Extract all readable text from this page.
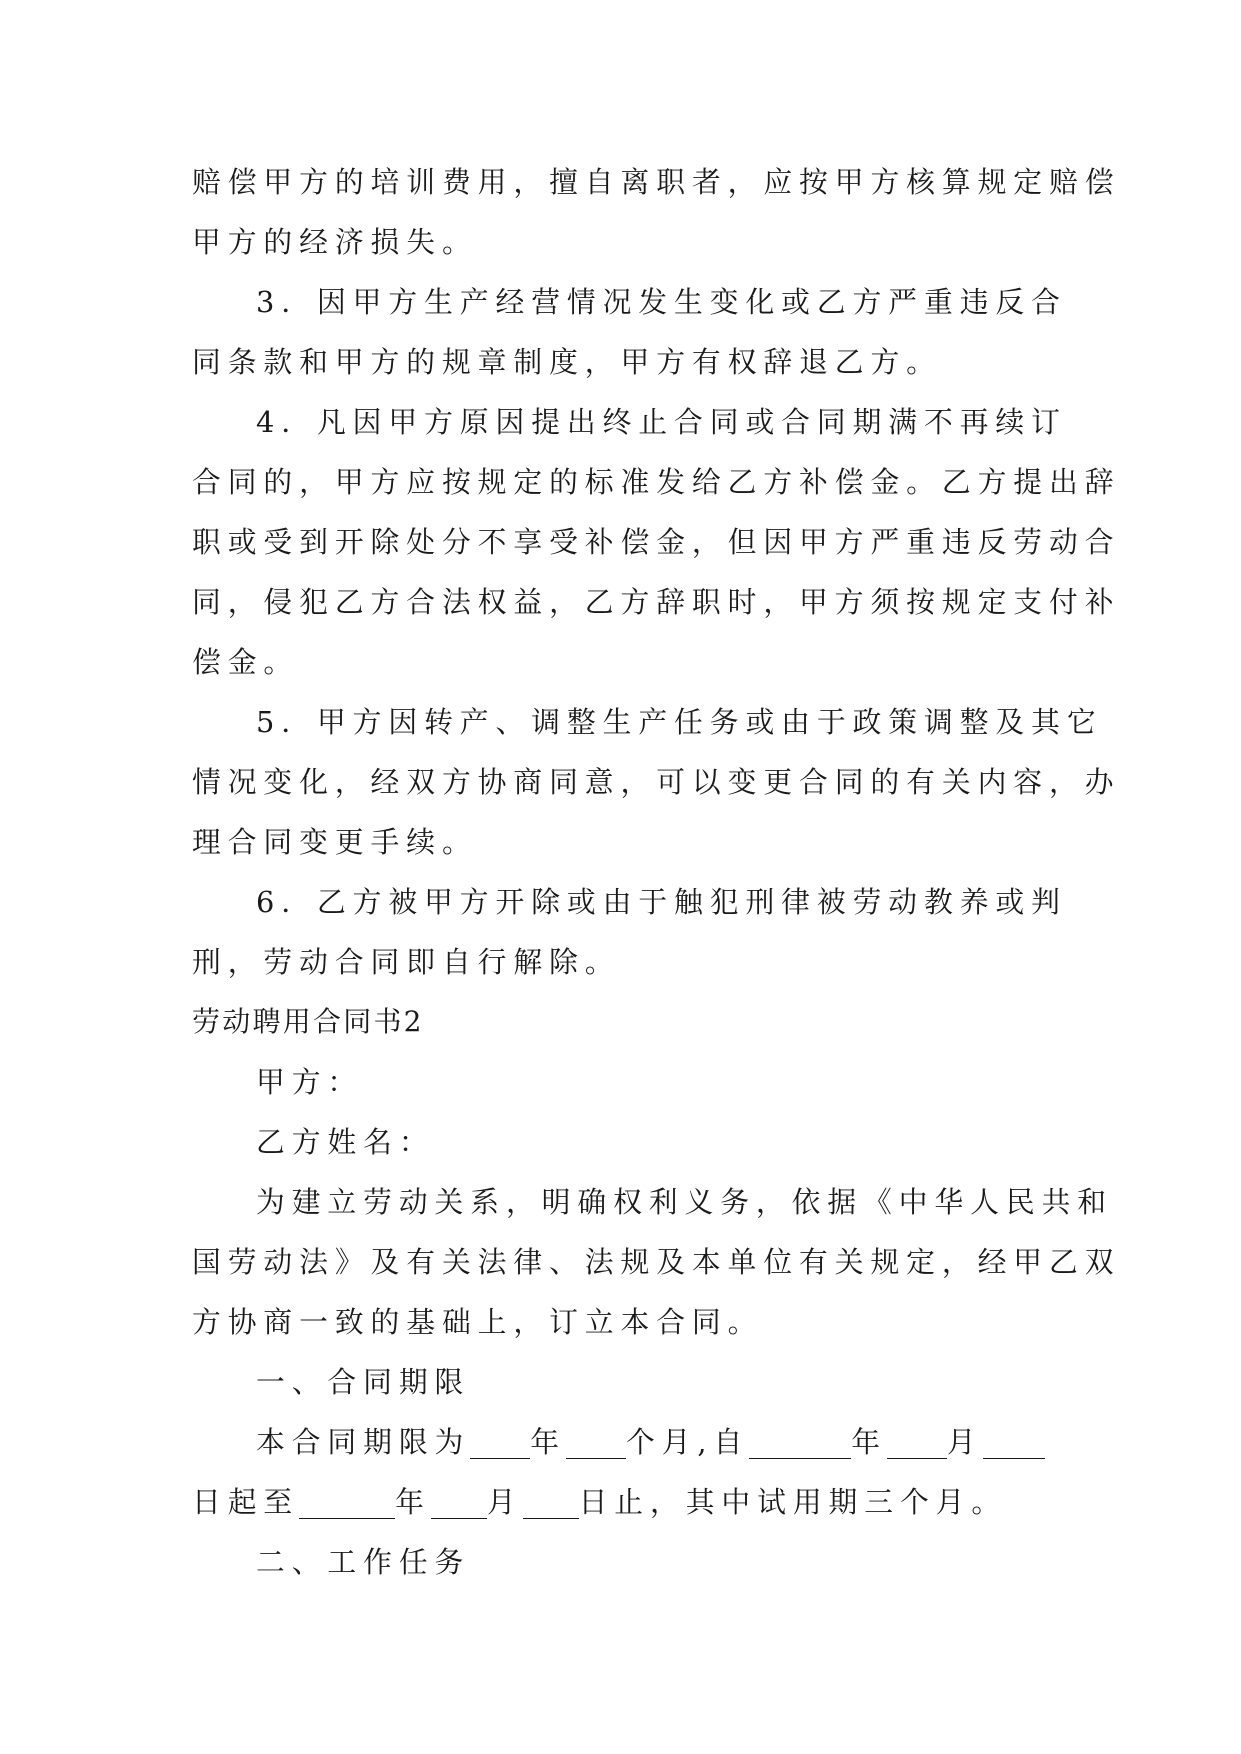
赔偿甲方的培训费用，擅自离职者，应按甲方核算规定赔偿
甲方的经济损失。
3．因甲方生产经营情况发生变化或乙方严重违反合
同条款和甲方的规章制度，甲方有权辞退乙方。
4．凡因甲方原因提出终止合同或合同期满不再续订
合同的，甲方应按规定的标准发给乙方补偿金。乙方提出辞
职或受到开除处分不享受补偿金，但因甲方严重违反劳动合
同，侵犯乙方合法权益，乙方辞职时，甲方须按规定支付补
偿金。
5．甲方因转产、调整生产任务或由于政策调整及其它
情况变化，经双方协商同意，可以变更合同的有关内容，办
理合同变更手续。
6．乙方被甲方开除或由于触犯刑律被劳动教养或判
刑，劳动合同即自行解除。
劳动聘用合同书2
甲方：
乙方姓名：
为建立劳动关系，明确权利义务，依据《中华人民共和
国劳动法》及有关法律、法规及本单位有关规定，经甲乙双
方协商一致的基础上，订立本合同。
一、合同期限
本合同期限为 年 个月,自	年 月
日起至	年 月 日止，其中试用期三个月。
二、工作任务
